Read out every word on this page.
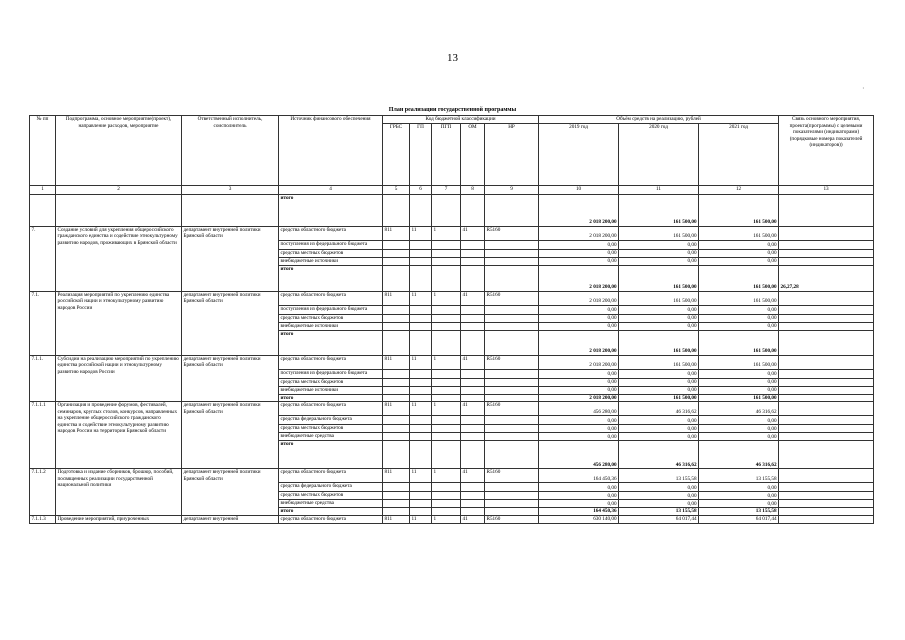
13
·
План реализации государственной программы
№ пп	Подпрограмма, основное мероприятие(проект), направление расходов, мероприятие	Ответственный исполнитель, соисполнитель	Источник финансового обеспечения	Код бюджетной классификации					Объём средств на реализацию, рублей			Связь основного мероприятия, проекта(программы) с целевыми показателями (индикаторами) (порядковые номера показателей (индикаторов))
				ГРБС	ГП	ПГП	ОМ	НР	2019 год	2020 год	2021 год	
1	2	3	4	5	6	7	8	9	10	11	12	13
			итого						2 018 200,00	161 500,00	161 500,00	
7.	Создание условий для укрепления общероссийского гражданского единства и содействие этнокультурному развитию народов, проживающих в Брянской области	департамент внутренней политики Брянской области	средства областного бюджета	811	11	1	41	R5160	2 018 200,00	161 500,00	161 500,00	
			поступления из федерального бюджета						0,00	0,00	0,00	
			средства местных бюджетов						0,00	0,00	0,00	
			внебюджетные источники						0,00	0,00	0,00	
			итого						2 018 200,00	161 500,00	161 500,00	26,27,28
7.1.	Реализация мероприятий по укреплению единства российской нации и этнокультурному развитию народов России	департамент внутренней политики Брянской области	средства областного бюджета	811	11	1	41	R5160	2 018 200,00	161 500,00	161 500,00	
			поступления из федерального бюджета						0,00	0,00	0,00	
			средства местных бюджетов						0,00	0,00	0,00	
			внебюджетные источники						0,00	0,00	0,00	
			итого						2 018 200,00	161 500,00	161 500,00	
7.1.1.	Субсидии на реализацию мероприятий по укреплению единства российской нации и этнокультурному развитию народов России	департамент внутренней политики Брянской области	средства областного бюджета	811	11	1	41	R5160	2 018 200,00	161 500,00	161 500,00	
			поступления из федерального бюджета						0,00	0,00	0,00	
			средства местных бюджетов						0,00	0,00	0,00	
			внебюджетные источники						0,00	0,00	0,00	
			итого						2 018 200,00	161 500,00	161 500,00	
7.1.1.1	Организация и проведение форумов, фестивалей, семинаров, круглых столов, конкурсов, направленных на укрепление общероссийского гражданского единства и содействие этнокультурному развитию народов России на территории Брянской области	департамент внутренней политики Брянской области	средства областного бюджета	811	11	1	41	R5160	456 280,00	46 316,62	46 316,62	
			средства федерального бюджета						0,00	0,00	0,00	
			средства местных бюджетов						0,00	0,00	0,00	
			внебюджетные средства						0,00	0,00	0,00	
			итого						456 280,00	46 316,62	46 316,62	
7.1.1.2	Подготовка и издание сборников, брошюр, пособий, посвященных реализации государственной национальной политики	департамент внутренней политики Брянской области	средства областного бюджета	811	11	1	41	R5160	164 450,36	13 155,58	13 155,58	
			средства федерального бюджета						0,00	0,00	0,00	
			средства местных бюджетов						0,00	0,00	0,00	
			внебюджетные средства						0,00	0,00	0,00	
			итого						164 450,36	13 155,58	13 155,58	
7.1.1.3	Проведение мероприятий, приуроченных	департамент внутренней	средства областного бюджета	811	11	1	41	R5160	630 140,00	64 017,44	64 017,44	
